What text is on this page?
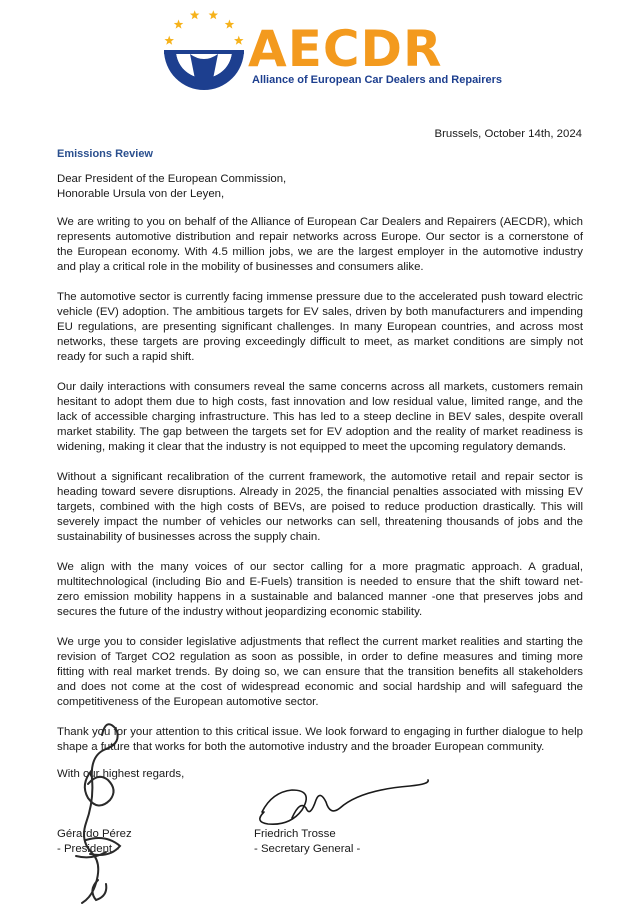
AECDR
Alliance of European Car Dealers and Repairers
Brussels, October 14th, 2024
Emissions Review
Dear President of the European Commission,
Honorable Ursula von der Leyen,

We are writing to you on behalf of the Alliance of European Car Dealers and Repairers (AECDR), which represents automotive distribution and repair networks across Europe. Our sector is a cornerstone of the European economy. With 4.5 million jobs, we are the largest employer in the automotive industry and play a critical role in the mobility of businesses and consumers alike.

The automotive sector is currently facing immense pressure due to the accelerated push toward electric vehicle (EV) adoption. The ambitious targets for EV sales, driven by both manufacturers and impending EU regulations, are presenting significant challenges. In many European countries, and across most networks, these targets are proving exceedingly difficult to meet, as market conditions are simply not ready for such a rapid shift.

Our daily interactions with consumers reveal the same concerns across all markets, customers remain hesitant to adopt them due to high costs, fast innovation and low residual value, limited range, and the lack of accessible charging infrastructure. This has led to a steep decline in BEV sales, despite overall market stability. The gap between the targets set for EV adoption and the reality of market readiness is widening, making it clear that the industry is not equipped to meet the upcoming regulatory demands.

Without a significant recalibration of the current framework, the automotive retail and repair sector is heading toward severe disruptions. Already in 2025, the financial penalties associated with missing EV targets, combined with the high costs of BEVs, are poised to reduce production drastically. This will severely impact the number of vehicles our networks can sell, threatening thousands of jobs and the sustainability of businesses across the supply chain.

We align with the many voices of our sector calling for a more pragmatic approach. A gradual, multitechnological (including Bio and E-Fuels) transition is needed to ensure that the shift toward net-zero emission mobility happens in a sustainable and balanced manner -one that preserves jobs and secures the future of the industry without jeopardizing economic stability.

We urge you to consider legislative adjustments that reflect the current market realities and starting the revision of Target CO2 regulation as soon as possible, in order to define measures and timing more fitting with real market trends. By doing so, we can ensure that the transition benefits all stakeholders and does not come at the cost of widespread economic and social hardship and will safeguard the competitiveness of the European automotive sector.

Thank you for your attention to this critical issue. We look forward to engaging in further dialogue to help shape a future that works for both the automotive industry and the broader European community.

With our highest regards,
Gérardo Pérez
- President -
Friedrich Trosse
- Secretary General -
